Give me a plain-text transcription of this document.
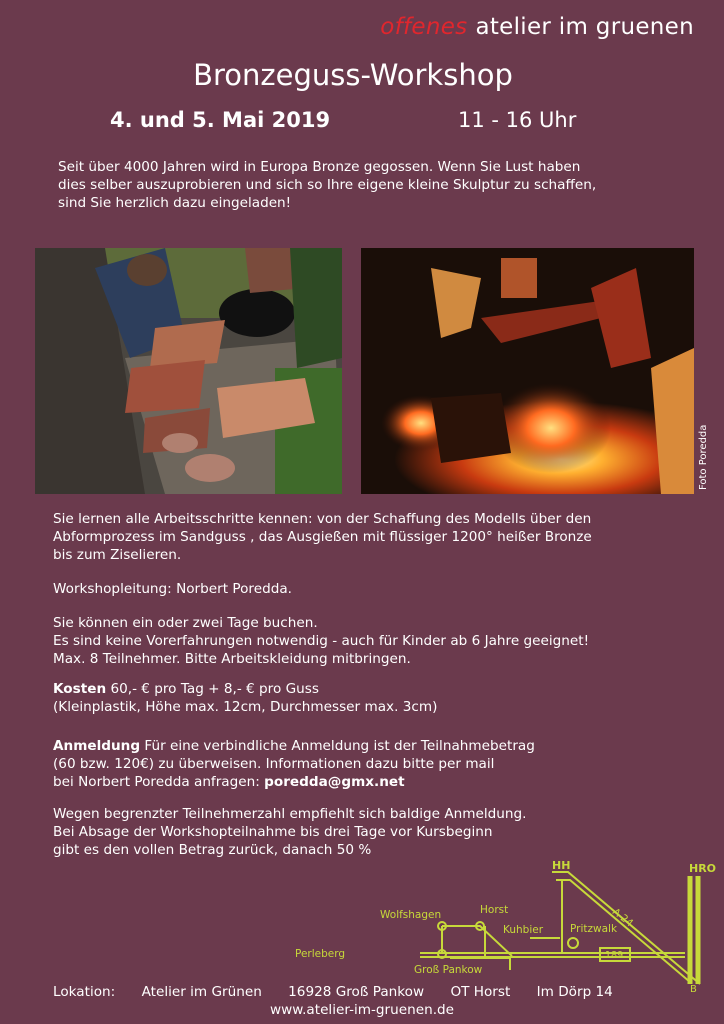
offenes atelier im gruenen
Bronzeguss-Workshop
4. und 5. Mai 2019	11 - 16 Uhr
Seit über 4000 Jahren wird in Europa Bronze gegossen. Wenn Sie Lust haben
dies selber auszuprobieren und sich so Ihre eigene kleine Skulptur zu schaffen,
sind Sie herzlich dazu eingeladen!
Foto Poredda
Sie lernen alle Arbeitsschritte kennen: von der Schaffung des Modells über den
Abformprozess im Sandguss , das Ausgießen mit flüssiger 1200° heißer Bronze
bis zum Ziselieren.
Workshopleitung: Norbert Poredda.
Sie können ein oder zwei Tage buchen.
Es sind keine Vorerfahrungen notwendig - auch für Kinder ab 6 Jahre geeignet!
Max. 8 Teilnehmer. Bitte Arbeitskleidung mitbringen.
Kosten 60,- € pro Tag + 8,- € pro Guss
(Kleinplastik, Höhe max. 12cm, Durchmesser max. 3cm)
Anmeldung Für eine verbindliche Anmeldung ist der Teilnahmebetrag
(60 bzw. 120€) zu überweisen. Informationen dazu bitte per mail
bei Norbert Poredda anfragen: poredda@gmx.net
Wegen begrenzter Teilnehmerzahl empfiehlt sich baldige Anmeldung.
Bei Absage der Workshopteilnahme bis drei Tage vor Kursbeginn
gibt es den vollen Betrag zurück, danach 50 %
HH	HRO
A 24
B
Wolfshagen	Horst
Kuhbier	Pritzwalk
Perleberg
Groß Pankow
189
Lokation: Atelier im Grünen 16928 Groß Pankow OT Horst Im Dörp 14
www.atelier-im-gruenen.de
